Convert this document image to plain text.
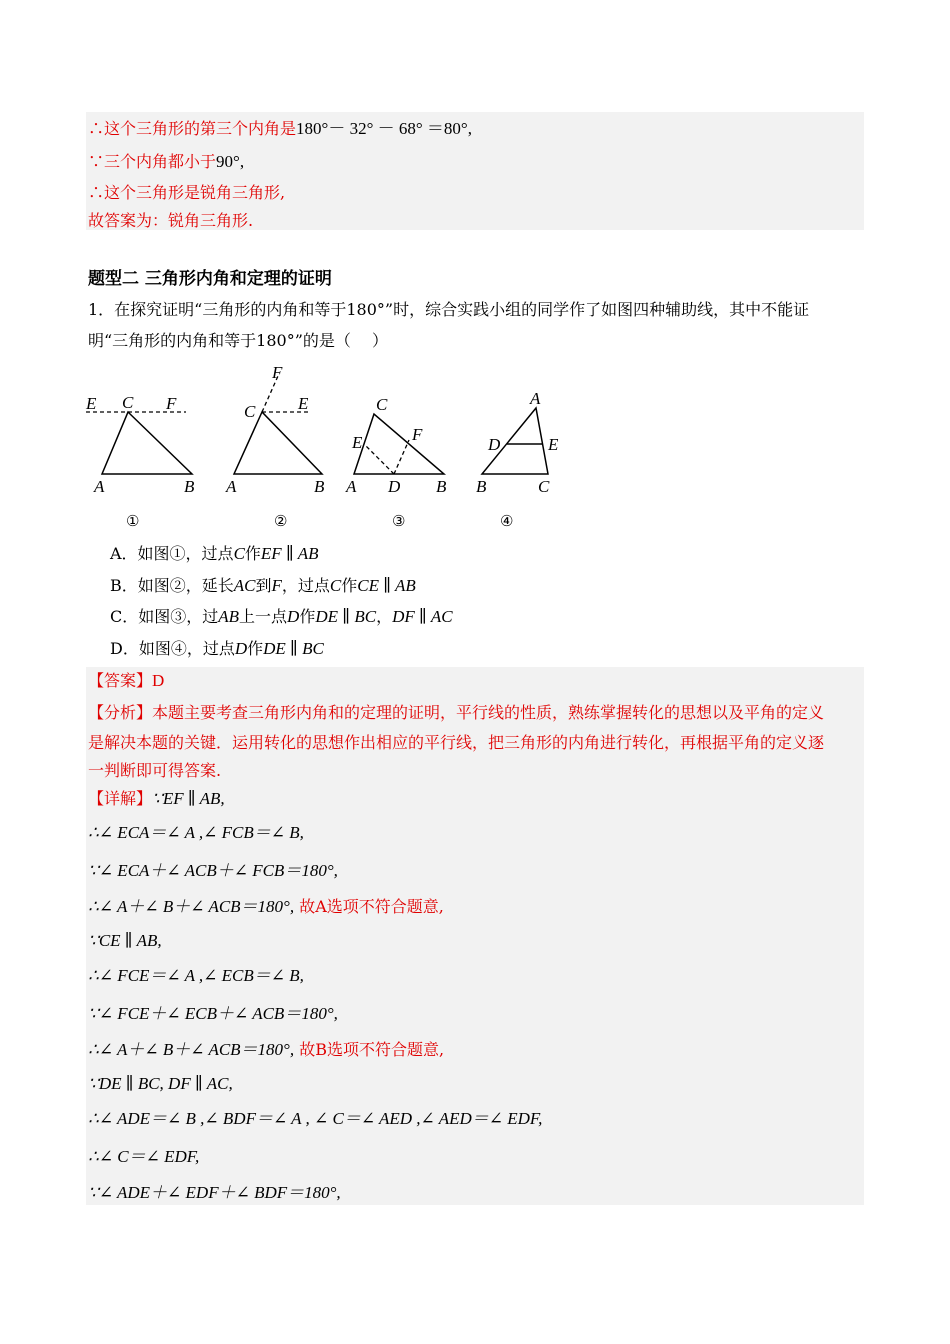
∴这个三角形的第三个内角是180°－ 32° － 68° ＝80°,
∵三个内角都小于90°,
∴这个三角形是锐角三角形,
故答案为：锐角三角形.
题型二 三角形内角和定理的证明
1．在探究证明“三角形的内角和等于180°”时，综合实践小组的同学作了如图四种辅助线，其中不能证
明“三角形的内角和等于180°”的是（　 ）
E C F
A	B
①
F
C	E
A	B
②
C
E	F
A D B
③
A
D	E
B	C
④
A．如图①，过点C作EF ∥ AB
B．如图②，延长AC到F，过点C作CE ∥ AB
C．如图③，过AB上一点D作DE ∥ BC，DF ∥ AC
D．如图④，过点D作DE ∥ BC
【答案】D
【分析】本题主要考查三角形内角和的定理的证明，平行线的性质，熟练掌握转化的思想以及平角的定义
是解决本题的关键．运用转化的思想作出相应的平行线，把三角形的内角进行转化，再根据平角的定义逐
一判断即可得答案.
【详解】∵EF ∥ AB,
∴∠ ECA＝∠ A ,∠ FCB＝∠ B,
∵∠ ECA＋∠ ACB＋∠ FCB＝180°,
∴∠ A＋∠ B＋∠ ACB＝180°, 故A选项不符合题意,
∵CE ∥ AB,
∴∠ FCE＝∠ A ,∠ ECB＝∠ B,
∵∠ FCE＋∠ ECB＋∠ ACB＝180°,
∴∠ A＋∠ B＋∠ ACB＝180°, 故B选项不符合题意,
∵DE ∥ BC, DF ∥ AC,
∴∠ ADE＝∠ B ,∠ BDF＝∠ A , ∠ C＝∠ AED ,∠ AED＝∠ EDF,
∴∠ C＝∠ EDF,
∵∠ ADE＋∠ EDF＋∠ BDF＝180°,
